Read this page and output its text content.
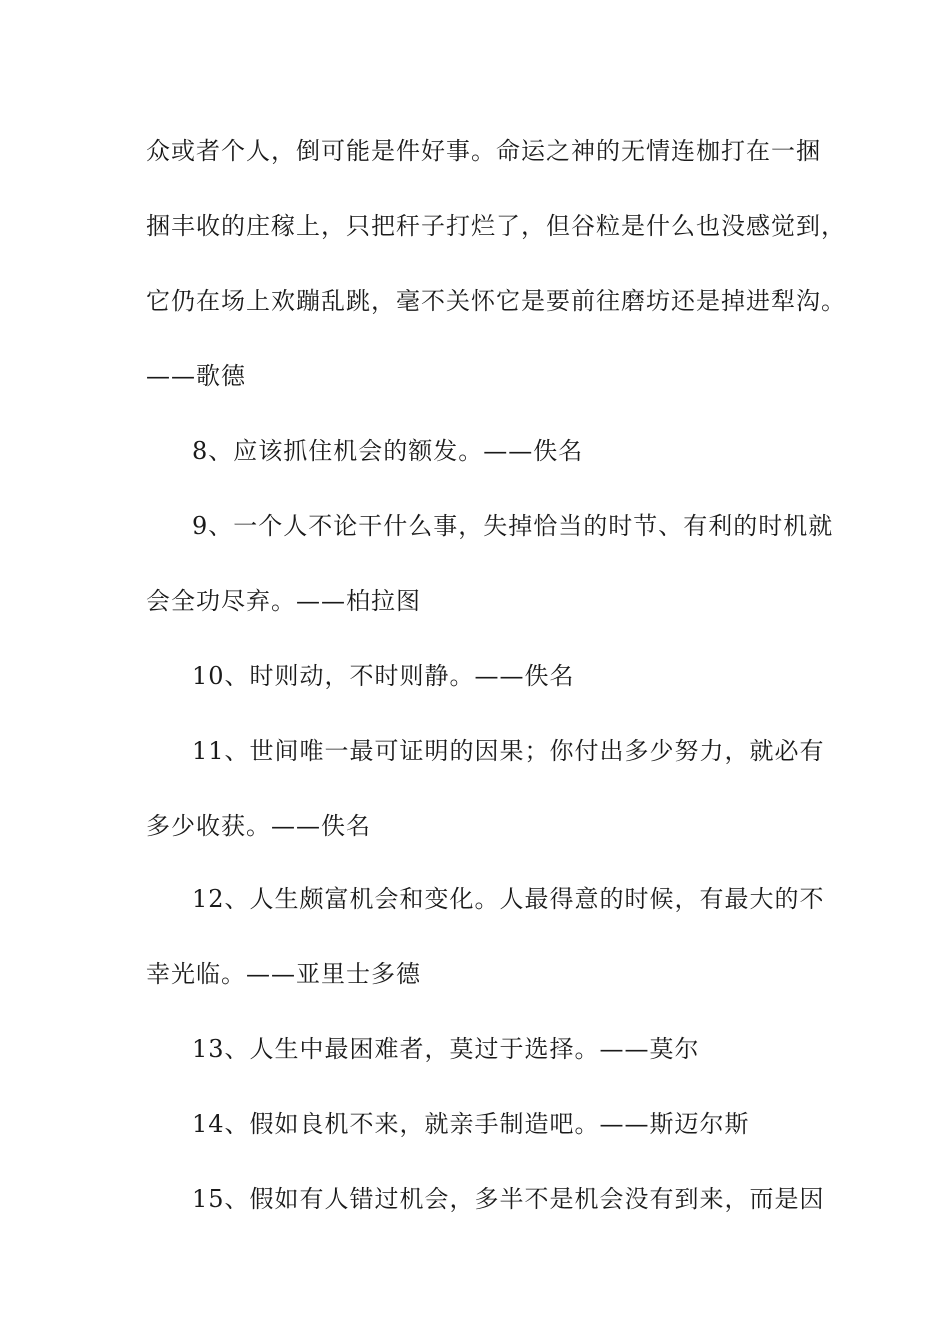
众或者个人，倒可能是件好事。命运之神的无情连枷打在一捆
捆丰收的庄稼上，只把秆子打烂了，但谷粒是什么也没感觉到，
它仍在场上欢蹦乱跳，毫不关怀它是要前往磨坊还是掉进犁沟。
——歌德
8、应该抓住机会的额发。——佚名
9、一个人不论干什么事，失掉恰当的时节、有利的时机就
会全功尽弃。——柏拉图
10、时则动，不时则静。——佚名
11、世间唯一最可证明的因果；你付出多少努力，就必有
多少收获。——佚名
12、人生颇富机会和变化。人最得意的时候，有最大的不
幸光临。——亚里士多德
13、人生中最困难者，莫过于选择。——莫尔
14、假如良机不来，就亲手制造吧。——斯迈尔斯
15、假如有人错过机会，多半不是机会没有到来，而是因
